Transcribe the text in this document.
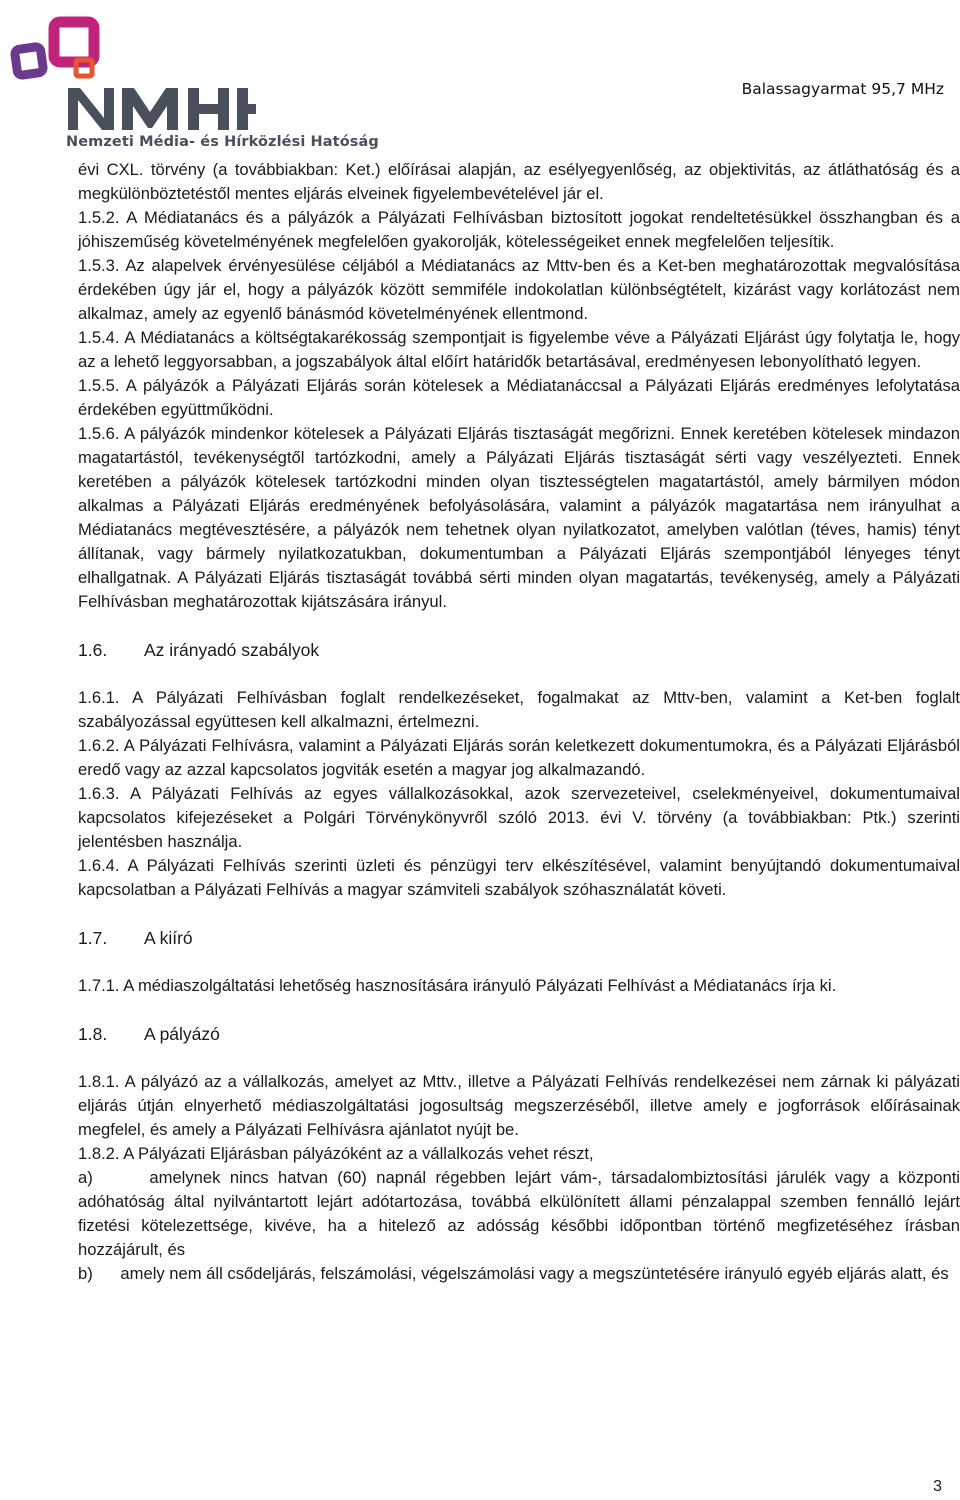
Nemzeti Média- és Hírközlési Hatóság
Balassagyarmat 95,7 MHz

évi CXL. törvény (a továbbiakban: Ket.) előírásai alapján, az esélyegyenlőség, az objektivitás, az átláthatóság és a megkülönböztetéstől mentes eljárás elveinek figyelembevételével jár el.

1.5.2. A Médiatanács és a pályázók a Pályázati Felhívásban biztosított jogokat rendeltetésükkel összhangban és a jóhiszeműség követelményének megfelelően gyakorolják, kötelességeiket ennek megfelelően teljesítik.

1.5.3. Az alapelvek érvényesülése céljából a Médiatanács az Mttv-ben és a Ket-ben meghatározottak megvalósítása érdekében úgy jár el, hogy a pályázók között semmiféle indokolatlan különbségtételt, kizárást vagy korlátozást nem alkalmaz, amely az egyenlő bánásmód követelményének ellentmond.

1.5.4. A Médiatanács a költségtakarékosság szempontjait is figyelembe véve a Pályázati Eljárást úgy folytatja le, hogy az a lehető leggyorsabban, a jogszabályok által előírt határidők betartásával, eredményesen lebonyolítható legyen.

1.5.5. A pályázók a Pályázati Eljárás során kötelesek a Médiatanáccsal a Pályázati Eljárás eredményes lefolytatása érdekében együttműködni.

1.5.6. A pályázók mindenkor kötelesek a Pályázati Eljárás tisztaságát megőrizni. Ennek keretében kötelesek mindazon magatartástól, tevékenységtől tartózkodni, amely a Pályázati Eljárás tisztaságát sérti vagy veszélyezteti. Ennek keretében a pályázók kötelesek tartózkodni minden olyan tisztességtelen magatartástól, amely bármilyen módon alkalmas a Pályázati Eljárás eredményének befolyásolására, valamint a pályázók magatartása nem irányulhat a Médiatanács megtévesztésére, a pályázók nem tehetnek olyan nyilatkozatot, amelyben valótlan (téves, hamis) tényt állítanak, vagy bármely nyilatkozatukban, dokumentumban a Pályázati Eljárás szempontjából lényeges tényt elhallgatnak. A Pályázati Eljárás tisztaságát továbbá sérti minden olyan magatartás, tevékenység, amely a Pályázati Felhívásban meghatározottak kijátszására irányul.

1.6.	Az irányadó szabályok

1.6.1. A Pályázati Felhívásban foglalt rendelkezéseket, fogalmakat az Mttv-ben, valamint a Ket-ben foglalt szabályozással együttesen kell alkalmazni, értelmezni.

1.6.2. A Pályázati Felhívásra, valamint a Pályázati Eljárás során keletkezett dokumentumokra, és a Pályázati Eljárásból eredő vagy az azzal kapcsolatos jogviták esetén a magyar jog alkalmazandó.

1.6.3. A Pályázati Felhívás az egyes vállalkozásokkal, azok szervezeteivel, cselekményeivel, dokumentumaival kapcsolatos kifejezéseket a Polgári Törvénykönyvről szóló 2013. évi V. törvény (a továbbiakban: Ptk.) szerinti jelentésben használja.

1.6.4. A Pályázati Felhívás szerinti üzleti és pénzügyi terv elkészítésével, valamint benyújtandó dokumentumaival kapcsolatban a Pályázati Felhívás a magyar számviteli szabályok szóhasználatát követi.

1.7.	A kiíró

1.7.1. A médiaszolgáltatási lehetőség hasznosítására irányuló Pályázati Felhívást a Médiatanács írja ki.

1.8.	A pályázó

1.8.1. A pályázó az a vállalkozás, amelyet az Mttv., illetve a Pályázati Felhívás rendelkezései nem zárnak ki pályázati eljárás útján elnyerhető médiaszolgáltatási jogosultság megszerzéséből, illetve amely e jogforrások előírásainak megfelel, és amely a Pályázati Felhívásra ajánlatot nyújt be.

1.8.2. A Pályázati Eljárásban pályázóként az a vállalkozás vehet részt,

a)      amelynek nincs hatvan (60) napnál régebben lejárt vám-, társadalombiztosítási járulék vagy a központi adóhatóság által nyilvántartott lejárt adótartozása, továbbá elkülönített állami pénzalappal szemben fennálló lejárt fizetési kötelezettsége, kivéve, ha a hitelező az adósság későbbi időpontban történő megfizetéséhez írásban hozzájárult, és

b)      amely nem áll csődeljárás, felszámolási, végelszámolási vagy a megszüntetésére irányuló egyéb eljárás alatt, és

3
